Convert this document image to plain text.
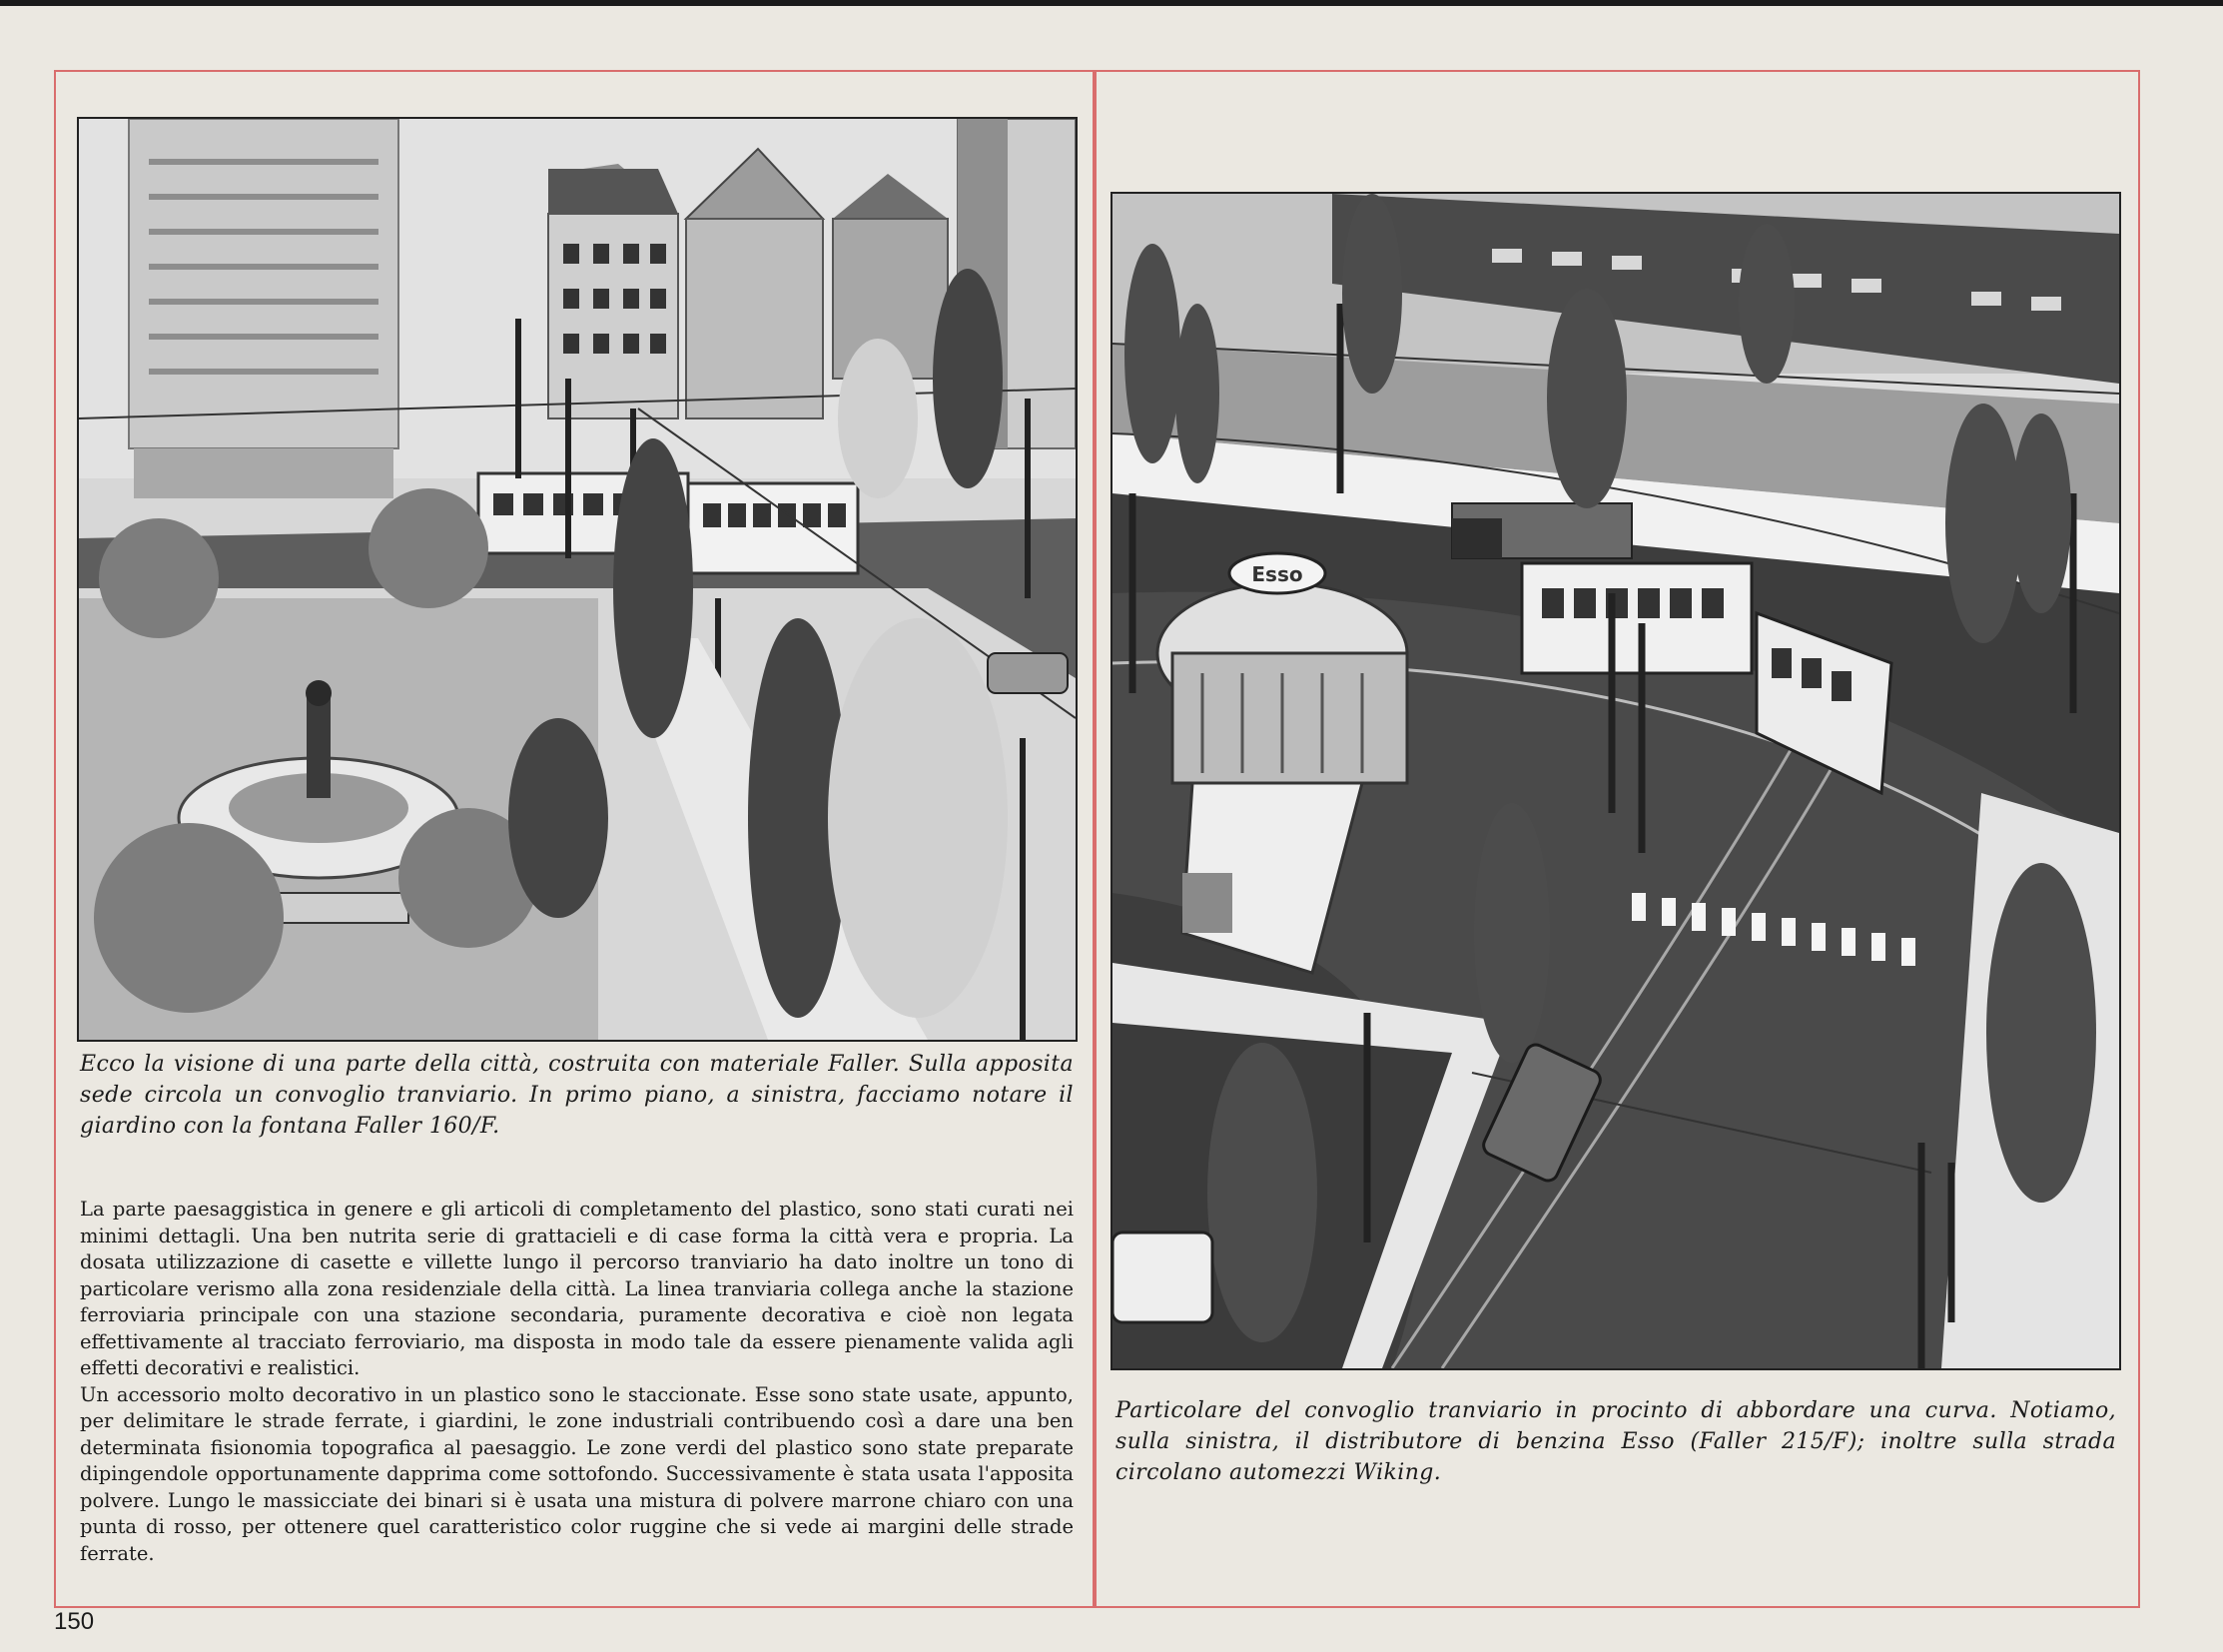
Ecco la visione di una parte della città, costruita con materiale Faller. Sulla apposita sede circola un convoglio tranviario. In primo piano, a sinistra, facciamo notare il giardino con la fontana Faller 160/F.

La parte paesaggistica in genere e gli articoli di completamento del plastico, sono stati curati nei minimi dettagli. Una ben nutrita serie di grattacieli e di case forma la città vera e propria. La dosata utilizzazione di casette e villette lungo il percorso tranviario ha dato inoltre un tono di particolare verismo alla zona residenziale della città. La linea tranviaria collega anche la stazione ferroviaria principale con una stazione secondaria, puramente decorativa e cioè non legata effettivamente al tracciato ferroviario, ma disposta in modo tale da essere pienamente valida agli effetti decorativi e realistici.

Un accessorio molto decorativo in un plastico sono le staccionate. Esse sono state usate, appunto, per delimitare le strade ferrate, i giardini, le zone industriali contribuendo così a dare una ben determinata fisionomia topografica al paesaggio. Le zone verdi del plastico sono state preparate dipingendole opportunamente dapprima come sottofondo. Successivamente è stata usata l'apposita polvere. Lungo le massicciate dei binari si è usata una mistura di polvere marrone chiaro con una punta di rosso, per ottenere quel caratteristico color ruggine che si vede ai margini delle strade ferrate.

Esso
Particolare del convoglio tranviario in procinto di abbordare una curva. Notiamo, sulla sinistra, il distributore di benzina Esso (Faller 215/F); inoltre sulla strada circolano automezzi Wiking.
150
